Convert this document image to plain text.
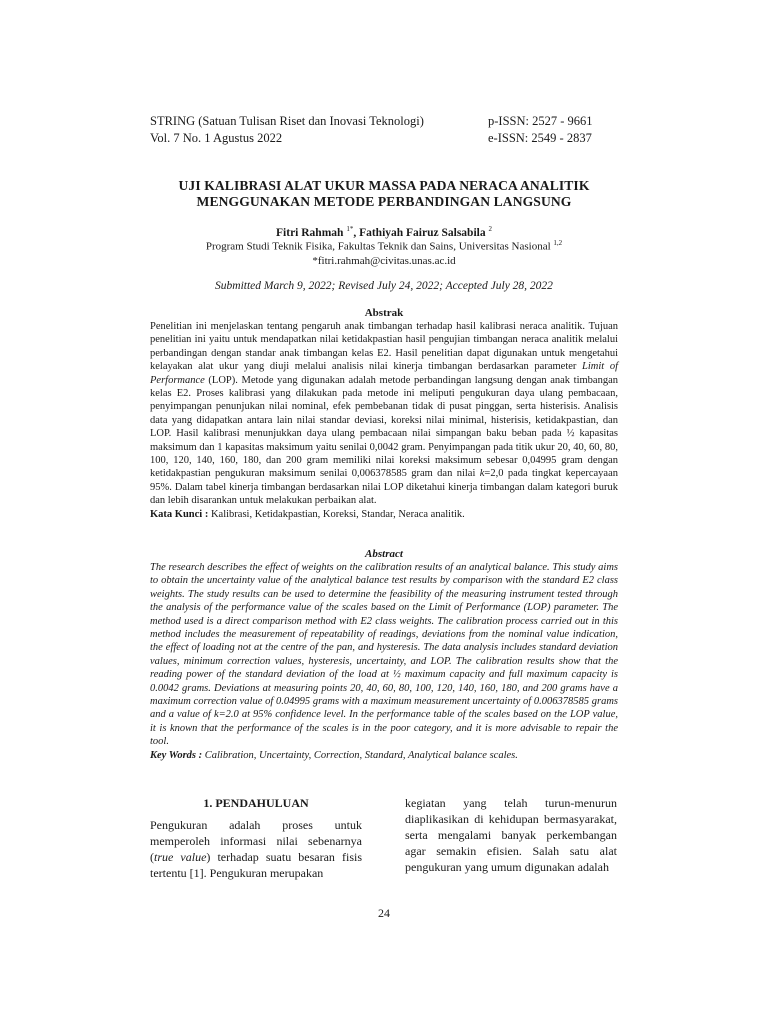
STRING (Satuan Tulisan Riset dan Inovasi Teknologi)
Vol. 7 No. 1 Agustus 2022
p-ISSN: 2527 - 9661
e-ISSN: 2549 - 2837
UJI KALIBRASI ALAT UKUR MASSA PADA NERACA ANALITIK
MENGGUNAKAN METODE PERBANDINGAN LANGSUNG
Fitri Rahmah $^{1*}$, Fathiyah Fairuz Salsabila $^2$
Program Studi Teknik Fisika, Fakultas Teknik dan Sains, Universitas Nasional $^{1,2}$
*fitri.rahmah@civitas.unas.ac.id
Submitted March 9, 2022; Revised July 24, 2022; Accepted July 28, 2022
Abstrak
Penelitian ini menjelaskan tentang pengaruh anak timbangan terhadap hasil kalibrasi neraca analitik. Tujuan penelitian ini yaitu untuk mendapatkan nilai ketidakpastian hasil pengujian timbangan neraca analitik melalui perbandingan dengan standar anak timbangan kelas E2. Hasil penelitian dapat digunakan untuk mengetahui kelayakan alat ukur yang diuji melalui analisis nilai kinerja timbangan berdasarkan parameter Limit of Performance (LOP). Metode yang digunakan adalah metode perbandingan langsung dengan anak timbangan kelas E2. Proses kalibrasi yang dilakukan pada metode ini meliputi pengukuran daya ulang pembacaan, penyimpangan penunjukan nilai nominal, efek pembebanan tidak di pusat pinggan, serta histerisis. Analisis data yang didapatkan antara lain nilai standar deviasi, koreksi nilai minimal, histerisis, ketidakpastian, dan LOP. Hasil kalibrasi menunjukkan daya ulang pembacaan nilai simpangan baku beban pada ½ kapasitas maksimum dan 1 kapasitas maksimum yaitu senilai 0,0042 gram. Penyimpangan pada titik ukur 20, 40, 60, 80, 100, 120, 140, 160, 180, dan 200 gram memiliki nilai koreksi maksimum sebesar 0,04995 gram dengan ketidakpastian pengukuran maksimum senilai 0,006378585 gram dan nilai k=2,0 pada tingkat kepercayaan 95%. Dalam tabel kinerja timbangan berdasarkan nilai LOP diketahui kinerja timbangan dalam kategori buruk dan lebih disarankan untuk melakukan perbaikan alat.
Kata Kunci : Kalibrasi, Ketidakpastian, Koreksi, Standar, Neraca analitik.
Abstract
The research describes the effect of weights on the calibration results of an analytical balance. This study aims to obtain the uncertainty value of the analytical balance test results by comparison with the standard E2 class weights. The study results can be used to determine the feasibility of the measuring instrument tested through the analysis of the performance value of the scales based on the Limit of Performance (LOP) parameter. The method used is a direct comparison method with E2 class weights. The calibration process carried out in this method includes the measurement of repeatability of readings, deviations from the nominal value indication, the effect of loading not at the centre of the pan, and hysteresis. The data analysis includes standard deviation values, minimum correction values, hysteresis, uncertainty, and LOP. The calibration results show that the reading power of the standard deviation of the load at ½ maximum capacity and full maximum capacity is 0.0042 grams. Deviations at measuring points 20, 40, 60, 80, 100, 120, 140, 160, 180, and 200 grams have a maximum correction value of 0.04995 grams with a maximum measurement uncertainty of 0.006378585 grams and a value of k=2.0 at 95% confidence level. In the performance table of the scales based on the LOP value, it is known that the performance of the scales is in the poor category, and it is more advisable to repair the tool.
Key Words : Calibration, Uncertainty, Correction, Standard, Analytical balance scales.
1. PENDAHULUAN

Pengukuran adalah proses untuk memperoleh informasi nilai sebenarnya (true value) terhadap suatu besaran fisis tertentu [1]. Pengukuran merupakan

kegiatan yang telah turun-menurun diaplikasikan di kehidupan bermasyarakat, serta mengalami banyak perkembangan agar semakin efisien. Salah satu alat pengukuran yang umum digunakan adalah

24
